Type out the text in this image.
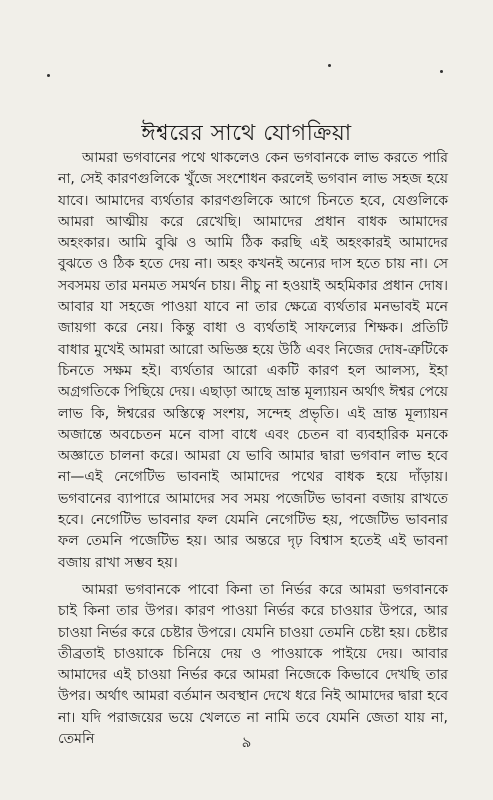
ঈশ্বরের সাথে যোগক্রিয়া

আমরা ভগবানের পথে থাকলেও কেন ভগবানকে লাভ করতে পারি না, সেই কারণগুলিকে খুঁজে সংশোধন করলেই ভগবান লাভ সহজ হয়ে যাবে। আমাদের ব্যর্থতার কারণগুলিকে আগে চিনতে হবে, যেগুলিকে আমরা আত্মীয় করে রেখেছি। আমাদের প্রধান বাধক আমাদের অহংকার। আমি বুঝি ও আমি ঠিক করছি এই অহংকারই আমাদের বুঝতে ও ঠিক হতে দেয় না। অহং কখনই অন্যের দাস হতে চায় না। সে সবসময় তার মনমত সমর্থন চায়। নীচু না হওয়াই অহমিকার প্রধান দোষ। আবার যা সহজে পাওয়া যাবে না তার ক্ষেত্রে ব্যর্থতার মনভাবই মনে জায়গা করে নেয়। কিন্তু বাধা ও ব্যর্থতাই সাফল্যের শিক্ষক। প্রতিটি বাধার মুখেই আমরা আরো অভিজ্ঞ হয়ে উঠি এবং নিজের দোষ-ত্রুটিকে চিনতে সক্ষম হই। ব্যর্থতার আরো একটি কারণ হল আলস্য, ইহা অগ্রগতিকে পিছিয়ে দেয়। এছাড়া আছে ভ্রান্ত মূল্যায়ন অর্থাৎ ঈশ্বর পেয়ে লাভ কি, ঈশ্বরের অস্তিত্বে সংশয়, সন্দেহ প্রভৃতি। এই ভ্রান্ত মূল্যায়ন অজান্তে অবচেতন মনে বাসা বাধে এবং চেতন বা ব্যবহারিক মনকে অজ্ঞাতে চালনা করে। আমরা যে ভাবি আমার দ্বারা ভগবান লাভ হবে না—এই নেগেটিভ ভাবনাই আমাদের পথের বাধক হয়ে দাঁড়ায়। ভগবানের ব্যাপারে আমাদের সব সময় পজেটিভ ভাবনা বজায় রাখতে হবে। নেগেটিভ ভাবনার ফল যেমনি নেগেটিভ হয়, পজেটিভ ভাবনার ফল তেমনি পজেটিভ হয়। আর অন্তরে দৃঢ় বিশ্বাস হতেই এই ভাবনা বজায় রাখা সম্ভব হয়।

আমরা ভগবানকে পাবো কিনা তা নির্ভর করে আমরা ভগবানকে চাই কিনা তার উপর। কারণ পাওয়া নির্ভর করে চাওয়ার উপরে, আর চাওয়া নির্ভর করে চেষ্টার উপরে। যেমনি চাওয়া তেমনি চেষ্টা হয়। চেষ্টার তীব্রতাই চাওয়াকে চিনিয়ে দেয় ও পাওয়াকে পাইয়ে দেয়। আবার আমাদের এই চাওয়া নির্ভর করে আমরা নিজেকে কিভাবে দেখছি তার উপর। অর্থাৎ আমরা বর্তমান অবস্থান দেখে ধরে নিই আমাদের দ্বারা হবে না। যদি পরাজয়ের ভয়ে খেলতে না নামি তবে যেমনি জেতা যায় না, তেমনি	৯
